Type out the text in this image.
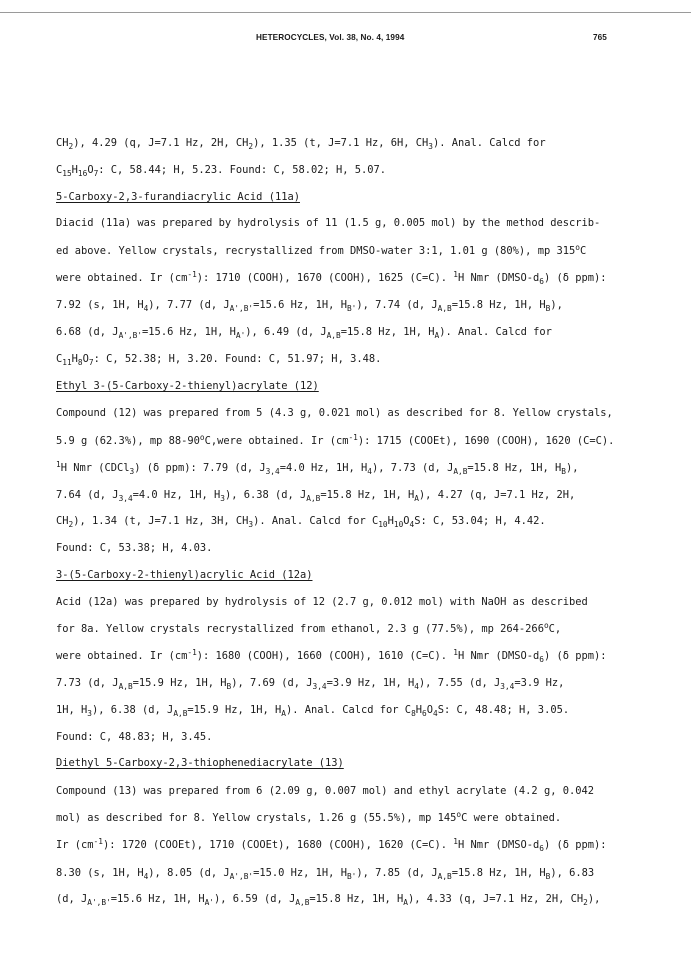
HETEROCYCLES, Vol. 38, No. 4, 1994	765
$CH_2$), 4.29 (q, J=7.1 Hz, 2H, $CH_2$), 1.35 (t, J=7.1 Hz, 6H, $CH_3$). Anal. Calcd for
$C_{15}H_{16}O_7$: C, 58.44; H, 5.23. Found: C, 58.02; H, 5.07.
5-Carboxy-2,3-furandiacrylic Acid (11a)
Diacid (11a) was prepared by hydrolysis of 11 (1.5 g, 0.005 mol) by the method describ-
ed above. Yellow crystals, recrystallized from DMSO-water 3:1, 1.01 g (80%), mp 315$^o$C
were obtained. Ir $(cm^{-1})$: 1710 (COOH), 1670 (COOH), 1625 (C=C). $^1$H Nmr $(DMSO-d_6)$ (δ ppm):
7.92 (s, 1H, $H_4$), 7.77 (d, $J_{A',B'}=15.6$ Hz, 1H, $H_{B'}$), 7.74 (d, $J_{A,B}=15.8$ Hz, 1H, $H_B$),
6.68 (d, $J_{A',B'}=15.6$ Hz, 1H, $H_{A'}$), 6.49 (d, $J_{A,B}=15.8$ Hz, 1H, $H_A$). Anal. Calcd for
$C_{11}H_8O_7$: C, 52.38; H, 3.20. Found: C, 51.97; H, 3.48.
Ethyl 3-(5-Carboxy-2-thienyl)acrylate (12)
Compound (12) was prepared from 5 (4.3 g, 0.021 mol) as described for 8. Yellow crystals,
5.9 g (62.3%), mp 88-90$^o$C,were obtained. Ir $(cm^{-1})$: 1715 (COOEt), 1690 (COOH), 1620 (C=C).
$^1$H Nmr (CDCl$_3$) (δ ppm): 7.79 (d, $J_{3,4}=4.0$ Hz, 1H, $H_4$), 7.73 (d, $J_{A,B}=15.8$ Hz, 1H, $H_B$),
7.64 (d, $J_{3,4}=4.0$ Hz, 1H, $H_3$), 6.38 (d, $J_{A,B}=15.8$ Hz, 1H, $H_A$), 4.27 (q, J=7.1 Hz, 2H,
$CH_2$), 1.34 (t, J=7.1 Hz, 3H, $CH_3$). Anal. Calcd for $C_{10}H_{10}O_4S$: C, 53.04; H, 4.42.
Found: C, 53.38; H, 4.03.
3-(5-Carboxy-2-thienyl)acrylic Acid (12a)
Acid (12a) was prepared by hydrolysis of 12 (2.7 g, 0.012 mol) with NaOH as described
for 8a. Yellow crystals recrystallized from ethanol, 2.3 g (77.5%), mp 264-266$^o$C,
were obtained. Ir $(cm^{-1})$: 1680 (COOH), 1660 (COOH), 1610 (C=C). $^1$H Nmr $(DMSO-d_6)$ (δ ppm):
7.73 (d, $J_{A,B}=15.9$ Hz, 1H, $H_B$), 7.69 (d, $J_{3,4}=3.9$ Hz, 1H, $H_4$), 7.55 (d, $J_{3,4}=3.9$ Hz,
1H, $H_3$), 6.38 (d, $J_{A,B}=15.9$ Hz, 1H, $H_A$). Anal. Calcd for $C_8H_6O_4S$: C, 48.48; H, 3.05.
Found: C, 48.83; H, 3.45.
Diethyl 5-Carboxy-2,3-thiophenediacrylate (13)
Compound (13) was prepared from 6 (2.09 g, 0.007 mol) and ethyl acrylate (4.2 g, 0.042
mol) as described for 8. Yellow crystals, 1.26 g (55.5%), mp 145$^o$C were obtained.
Ir $(cm^{-1})$: 1720 (COOEt), 1710 (COOEt), 1680 (COOH), 1620 (C=C). $^1$H Nmr $(DMSO-d_6)$ (δ ppm):
8.30 (s, 1H, $H_4$), 8.05 (d, $J_{A',B'}=15.0$ Hz, 1H, $H_{B'}$), 7.85 (d, $J_{A,B}=15.8$ Hz, 1H, $H_B$), 6.83
(d, $J_{A',B'}=15.6$ Hz, 1H, $H_{A'}$), 6.59 (d, $J_{A,B}=15.8$ Hz, 1H, $H_A$), 4.33 (q, J=7.1 Hz, 2H, $CH_2$),
